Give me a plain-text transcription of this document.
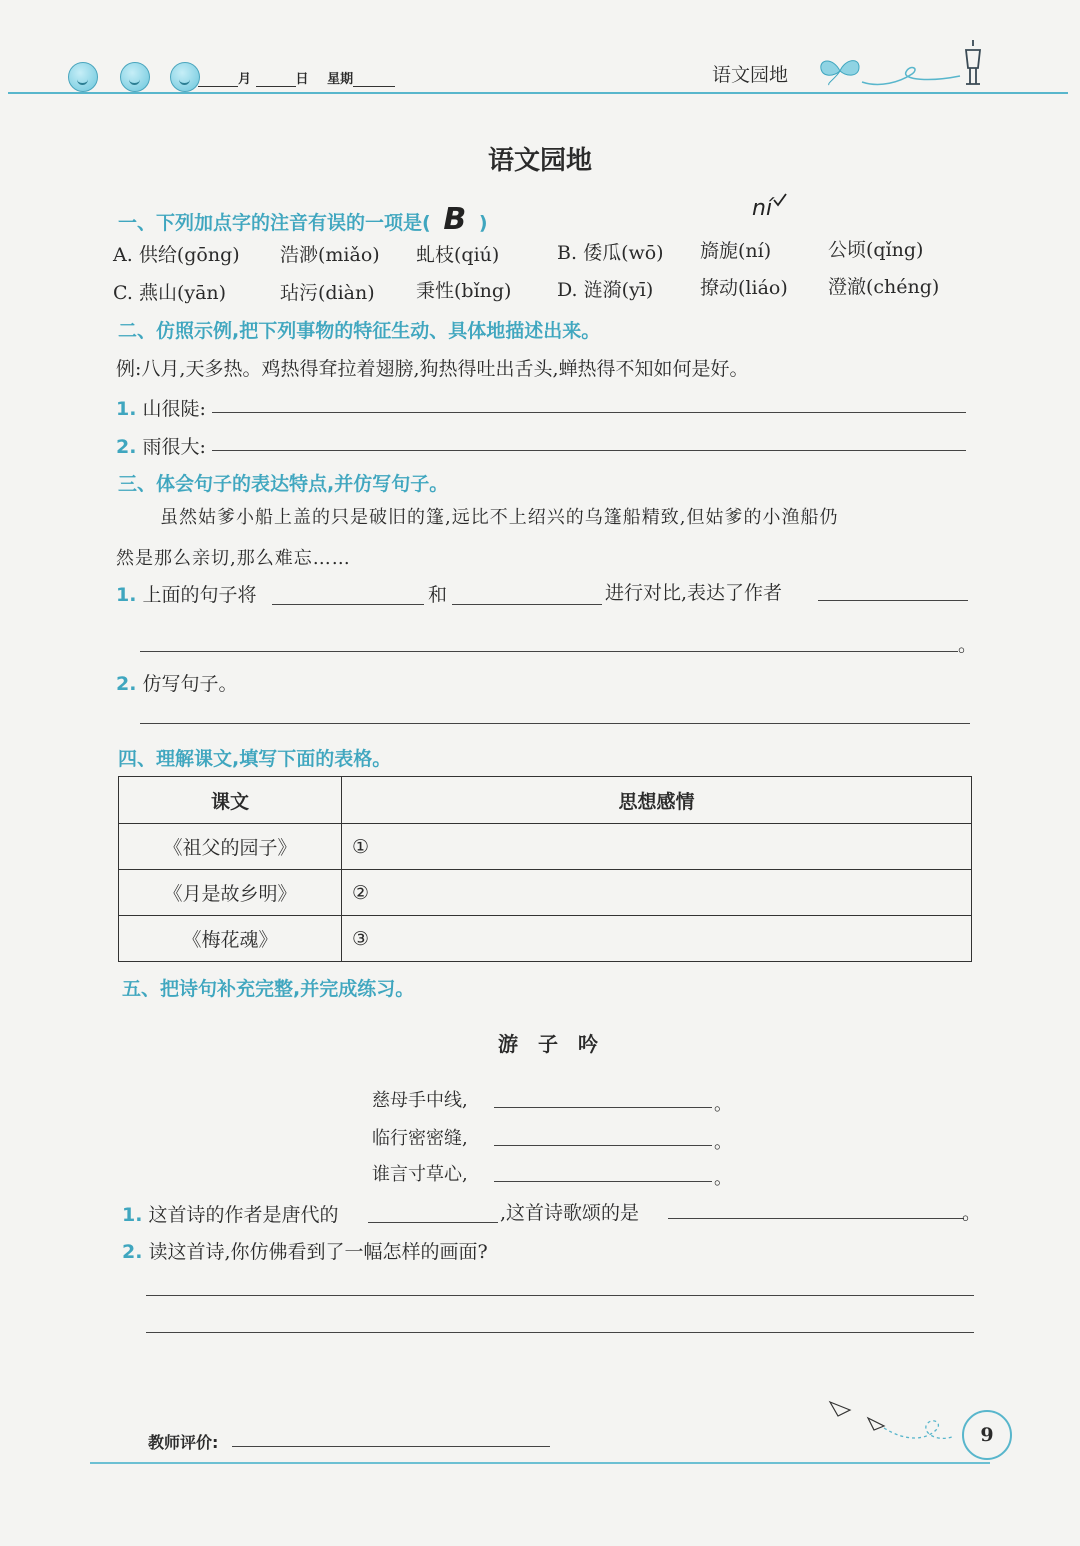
月	日 星期	语文园地
语文园地
一、下列加点字的注音有误的一项是( B )
ní
A. 供给(gōng) 浩渺(miǎo) 虬枝(qiú)	B. 倭瓜(wō) 旖旎(ní)	公顷(qǐng)
C. 燕山(yān)	玷污(diàn) 秉性(bǐng) D. 涟漪(yī) 撩动(liáo) 澄澈(chéng)
二、仿照示例,把下列事物的特征生动、具体地描述出来。
例:八月,天多热。鸡热得耷拉着翅膀,狗热得吐出舌头,蝉热得不知如何是好。
1. 山很陡:
2. 雨很大:
三、体会句子的表达特点,并仿写句子。
虽然姑爹小船上盖的只是破旧的篷,远比不上绍兴的乌篷船精致,但姑爹的小渔船仍
然是那么亲切,那么难忘……
1. 上面的句子将	和	进行对比,表达了作者
。
2. 仿写句子。
四、理解课文,填写下面的表格。
课文	思想感情
《祖父的园子》	①
《月是故乡明》	②
《梅花魂》	③
五、把诗句补充完整,并完成练习。
游　子　吟
慈母手中线,	。
临行密密缝,	。
谁言寸草心,	。
1. 这首诗的作者是唐代的	,这首诗歌颂的是	。
2. 读这首诗,你仿佛看到了一幅怎样的画面?
教师评价:	9
